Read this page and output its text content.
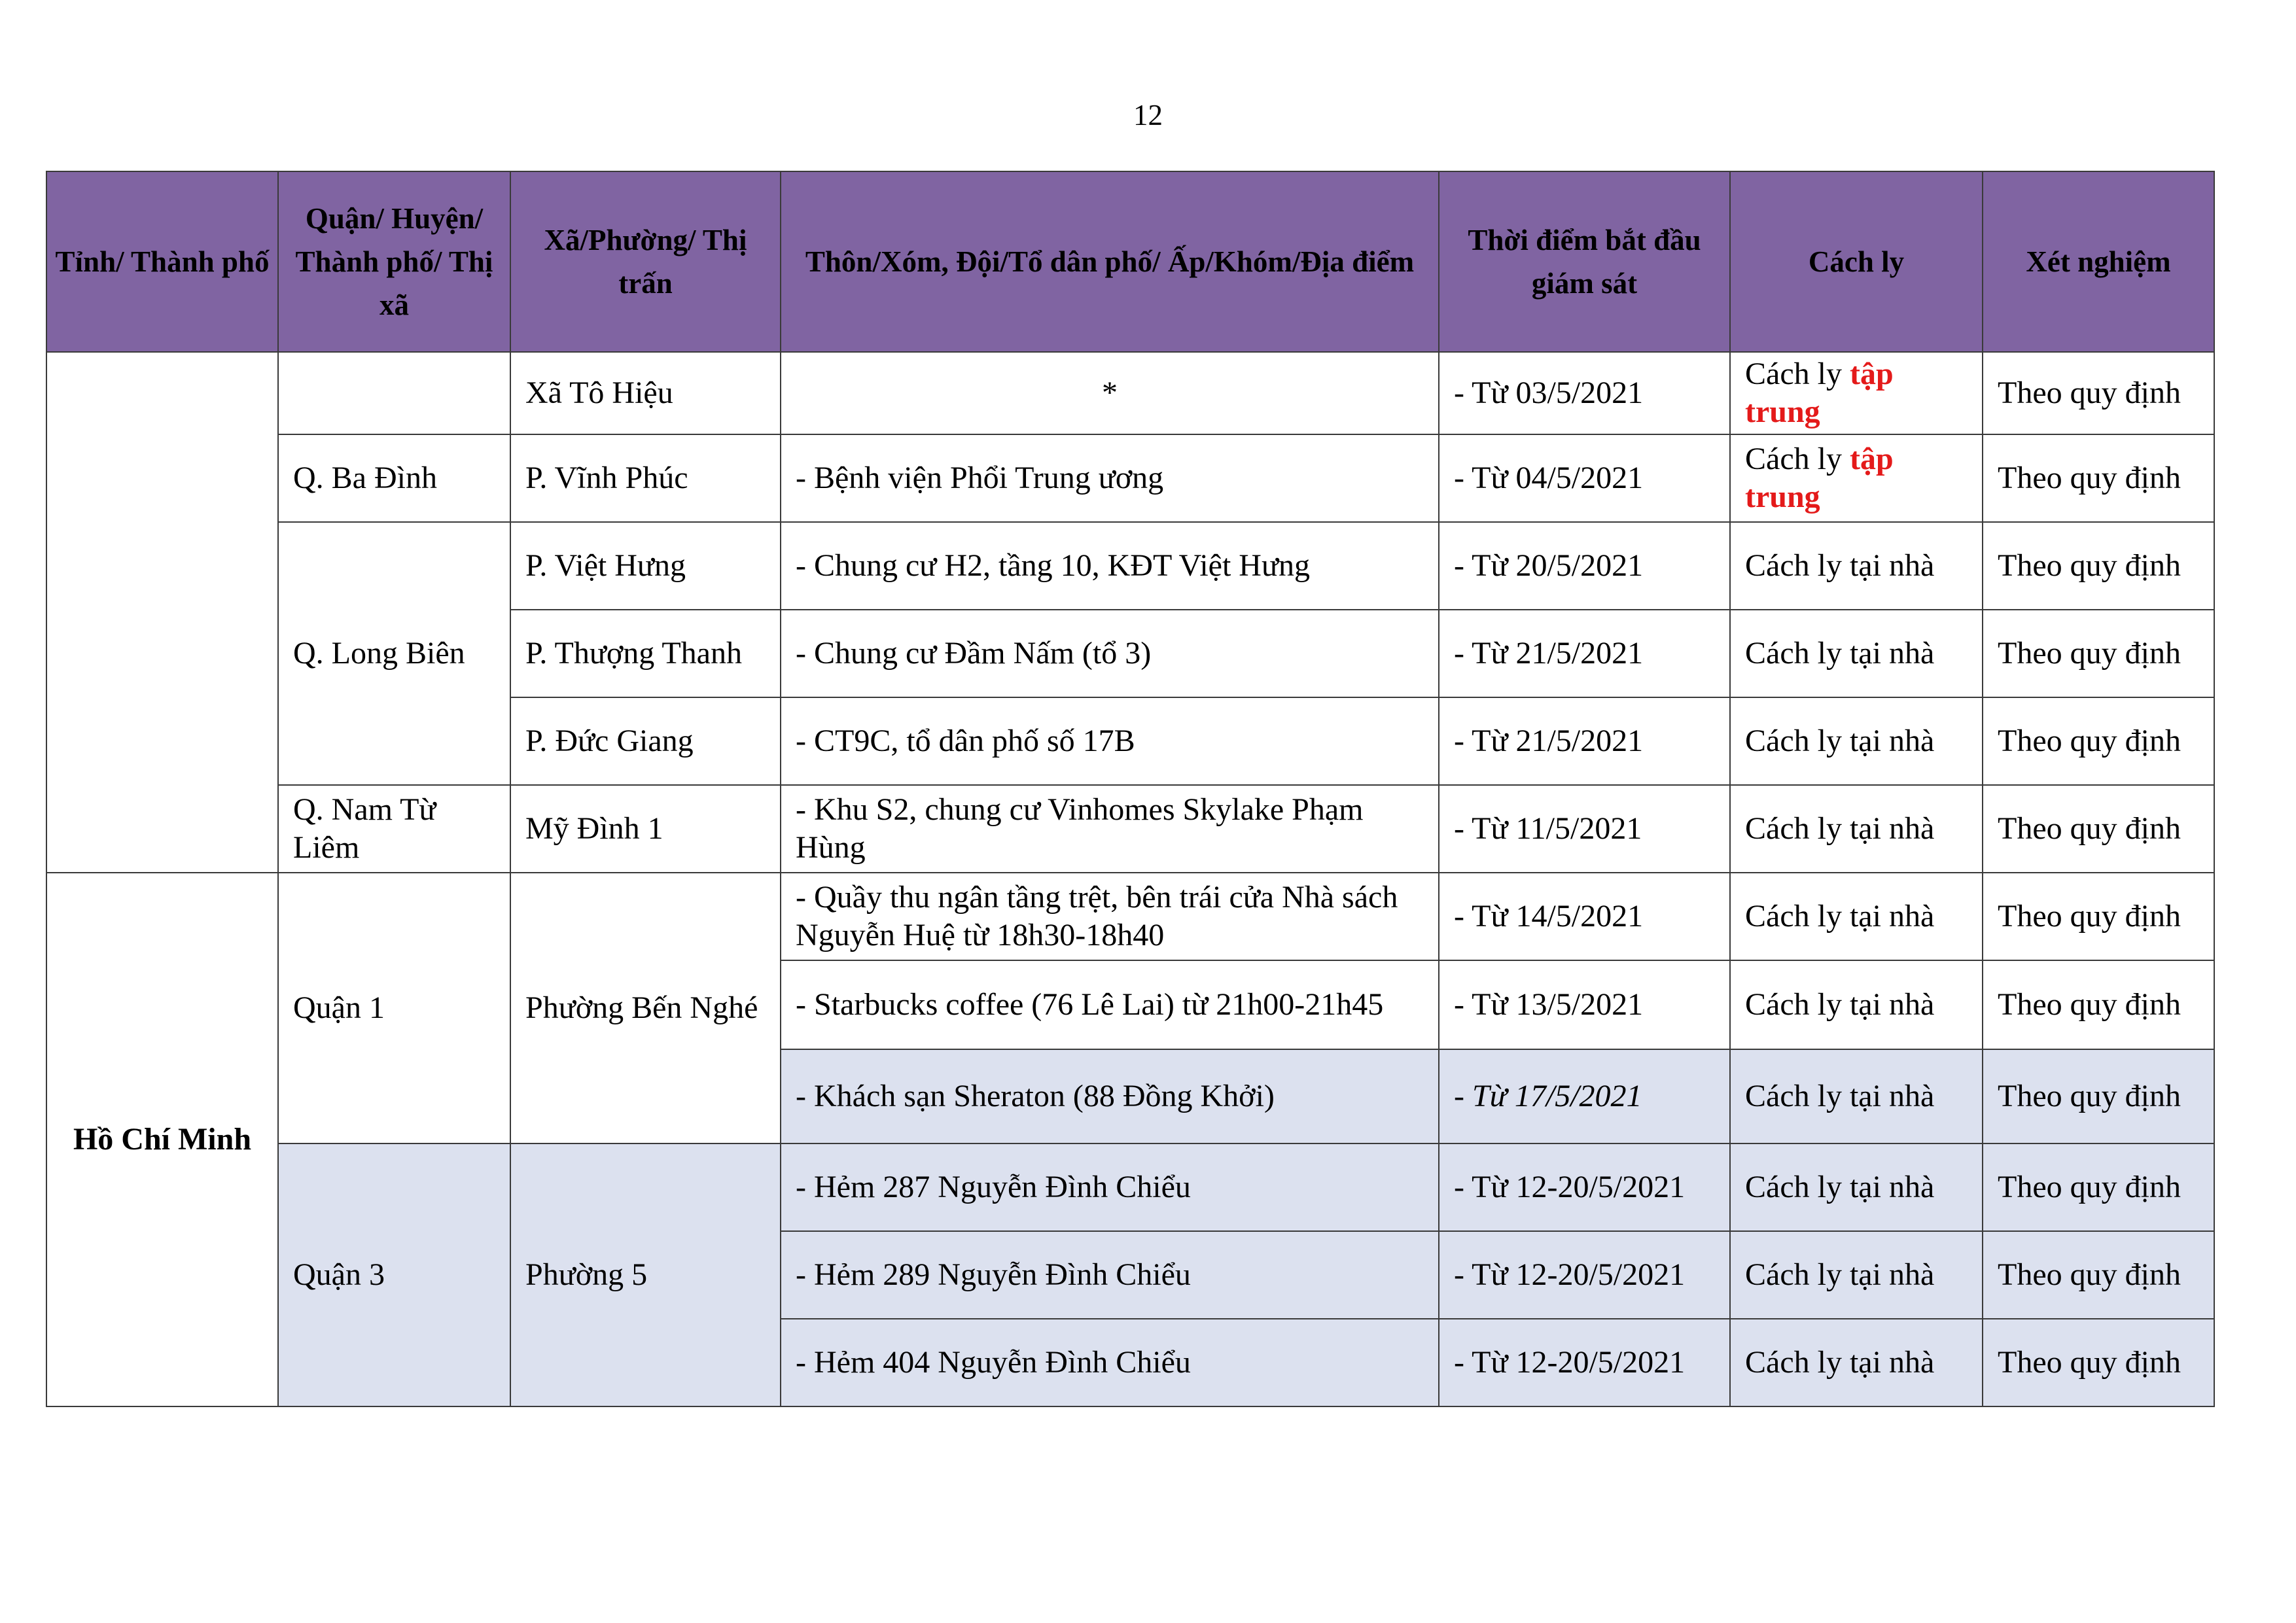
12
Tỉnh/ Thành phố	Quận/ Huyện/ Thành phố/ Thị xã	Xã/Phường/ Thị trấn	Thôn/Xóm, Đội/Tổ dân phố/ Ấp/Khóm/Địa điểm	Thời điểm bắt đầu giám sát	Cách ly	Xét nghiệm
		Xã Tô Hiệu	*	- Từ 03/5/2021	Cách ly tập trung	Theo quy định
	Q. Ba Đình	P. Vĩnh Phúc	- Bệnh viện Phổi Trung ương	- Từ 04/5/2021	Cách ly tập trung	Theo quy định
	Q. Long Biên	P. Việt Hưng	- Chung cư H2, tầng 10, KĐT Việt Hưng	- Từ 20/5/2021	Cách ly tại nhà	Theo quy định
		P. Thượng Thanh	- Chung cư Đầm Nấm (tổ 3)	- Từ 21/5/2021	Cách ly tại nhà	Theo quy định
		P. Đức Giang	- CT9C, tổ dân phố số 17B	- Từ 21/5/2021	Cách ly tại nhà	Theo quy định
	Q. Nam Từ Liêm	Mỹ Đình 1	- Khu S2, chung cư Vinhomes Skylake Phạm Hùng	- Từ 11/5/2021	Cách ly tại nhà	Theo quy định
Hồ Chí Minh	Quận 1	Phường Bến Nghé	- Quầy thu ngân tầng trệt, bên trái cửa Nhà sách Nguyễn Huệ từ 18h30-18h40	- Từ 14/5/2021	Cách ly tại nhà	Theo quy định
			- Starbucks coffee (76 Lê Lai) từ 21h00-21h45	- Từ 13/5/2021	Cách ly tại nhà	Theo quy định
			- Khách sạn Sheraton (88 Đồng Khởi)	- Từ 17/5/2021	Cách ly tại nhà	Theo quy định
	Quận 3	Phường 5	- Hẻm 287 Nguyễn Đình Chiểu	- Từ 12-20/5/2021	Cách ly tại nhà	Theo quy định
			- Hẻm 289 Nguyễn Đình Chiểu	- Từ 12-20/5/2021	Cách ly tại nhà	Theo quy định
			- Hẻm 404 Nguyễn Đình Chiểu	- Từ 12-20/5/2021	Cách ly tại nhà	Theo quy định
